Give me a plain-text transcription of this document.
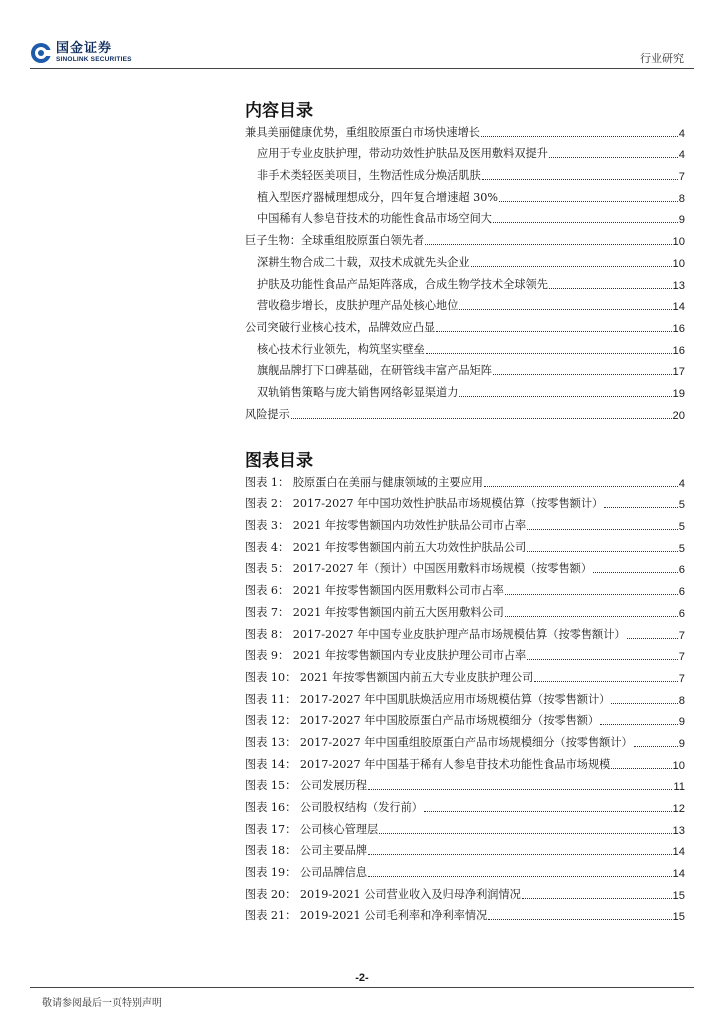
国金证券
SINOLINK SECURITIES	行业研究
内容目录
兼具美丽健康优势，重组胶原蛋白市场快速增长	4
应用于专业皮肤护理，带动功效性护肤品及医用敷料双提升	4
非手术类轻医美项目，生物活性成分焕活肌肤	7
植入型医疗器械理想成分，四年复合增速超 30%	8
中国稀有人参皂苷技术的功能性食品市场空间大	9
巨子生物：全球重组胶原蛋白领先者	10
深耕生物合成二十载，双技术成就先头企业	10
护肤及功能性食品产品矩阵落成，合成生物学技术全球领先	13
营收稳步增长，皮肤护理产品处核心地位	14
公司突破行业核心技术，品牌效应凸显	16
核心技术行业领先，构筑坚实壁垒	16
旗舰品牌打下口碑基础，在研管线丰富产品矩阵	17
双轨销售策略与庞大销售网络彰显渠道力	19
风险提示	20
图表目录
图表 1： 胶原蛋白在美丽与健康领域的主要应用	4
图表 2： 2017-2027 年中国功效性护肤品市场规模估算（按零售额计）	5
图表 3： 2021 年按零售额国内功效性护肤品公司市占率	5
图表 4： 2021 年按零售额国内前五大功效性护肤品公司	5
图表 5： 2017-2027 年（预计）中国医用敷料市场规模（按零售额）	6
图表 6： 2021 年按零售额国内医用敷料公司市占率	6
图表 7： 2021 年按零售额国内前五大医用敷料公司	6
图表 8： 2017-2027 年中国专业皮肤护理产品市场规模估算（按零售额计）	7
图表 9： 2021 年按零售额国内专业皮肤护理公司市占率	7
图表 10： 2021 年按零售额国内前五大专业皮肤护理公司	7
图表 11： 2017-2027 年中国肌肤焕活应用市场规模估算（按零售额计）	8
图表 12： 2017-2027 年中国胶原蛋白产品市场规模细分（按零售额）	9
图表 13： 2017-2027 年中国重组胶原蛋白产品市场规模细分（按零售额计）	9
图表 14： 2017-2027 年中国基于稀有人参皂苷技术功能性食品市场规模	10
图表 15： 公司发展历程	11
图表 16： 公司股权结构（发行前）	12
图表 17： 公司核心管理层	13
图表 18： 公司主要品牌	14
图表 19： 公司品牌信息	14
图表 20： 2019-2021 公司营业收入及归母净利润情况	15
图表 21： 2019-2021 公司毛利率和净利率情况	15
-2-
敬请参阅最后一页特别声明
